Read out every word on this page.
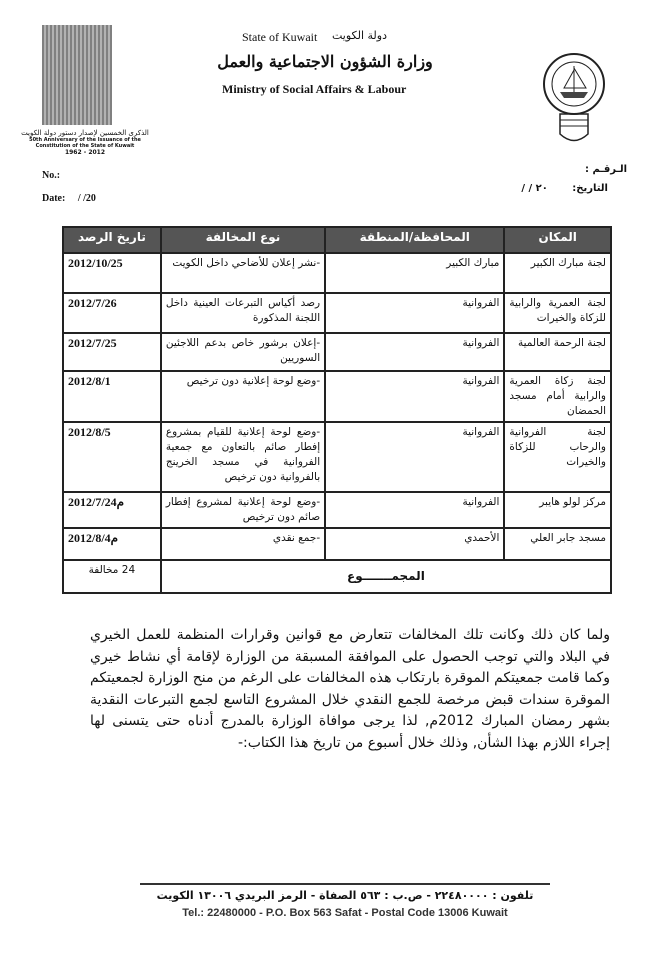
الذكرى الخمسين لإصدار دستور دولة الكويت
50th Anniversary of the Issuance of the Constitution of the State of Kuwait
1962 - 2012
State of Kuwait دولة الكويت
وزارة الشؤون الاجتماعية والعمل
Ministry of Social Affairs & Labour
No.:
Date: / /20
الـرقـم :
التاريخ:       ٢٠ / /
المكان	المحافظة/المنطقة	نوع المخالفة	تاريخ الرصد
لجنة مبارك الكبير	مبارك الكبير	-نشر إعلان للأضاحي داخل الكويت	2012/10/25
لجنة العمرية والرابية للزكاة والخيرات	الفروانية	رصد أكياس التبرعات العينية داخل اللجنة المذكورة	2012/7/26
لجنة الرحمة العالمية	الفروانية	-إعلان برشور خاص بدعم اللاجئين السوريين	2012/7/25
لجنة زكاة العمرية والرابية أمام مسجد الحمضان	الفروانية	-وضع لوحة إعلانية دون ترخيص	2012/8/1
لجنة الفروانية والرحاب للزكاة والخيرات	الفروانية	-وضع لوحة إعلانية للقيام بمشروع إفطار صائم بالتعاون مع جمعية الفروانية في مسجد الخرينج بالفروانية دون ترخيص	2012/8/5
مركز لولو هايبر	الفروانية	-وضع لوحة إعلانية لمشروع إفطار صائم دون ترخيص	2012/7/24م
مسجد جابر العلي	الأحمدي	-جمع نقدي	2012/8/4م
المجمـــــــوع			24 مخالفة
ولما كان ذلك وكانت تلك المخالفات تتعارض مع قوانين وقرارات المنظمة للعمل الخيري في البلاد والتي توجب الحصول على الموافقة المسبقة من الوزارة لإقامة أي نشاط خيري وكما قامت جمعيتكم الموقرة بارتكاب هذه المخالفات على الرغم من منح الوزارة لجمعيتكم الموقرة سندات قبض مرخصة للجمع النقدي خلال المشروع التاسع لجمع التبرعات النقدية بشهر رمضان المبارك 2012م, لذا يرجى موافاة الوزارة بالمدرج أدناه حتى يتسنى لها إجراء اللازم بهذا الشأن, وذلك خلال أسبوع من تاريخ هذا الكتاب:-
تلفون : ٢٢٤٨٠٠٠٠ - ص.ب : ٥٦٣ الصفاة - الرمز البريدي ١٣٠٠٦ الكويت
Tel.: 22480000 - P.O. Box 563 Safat - Postal Code 13006 Kuwait
